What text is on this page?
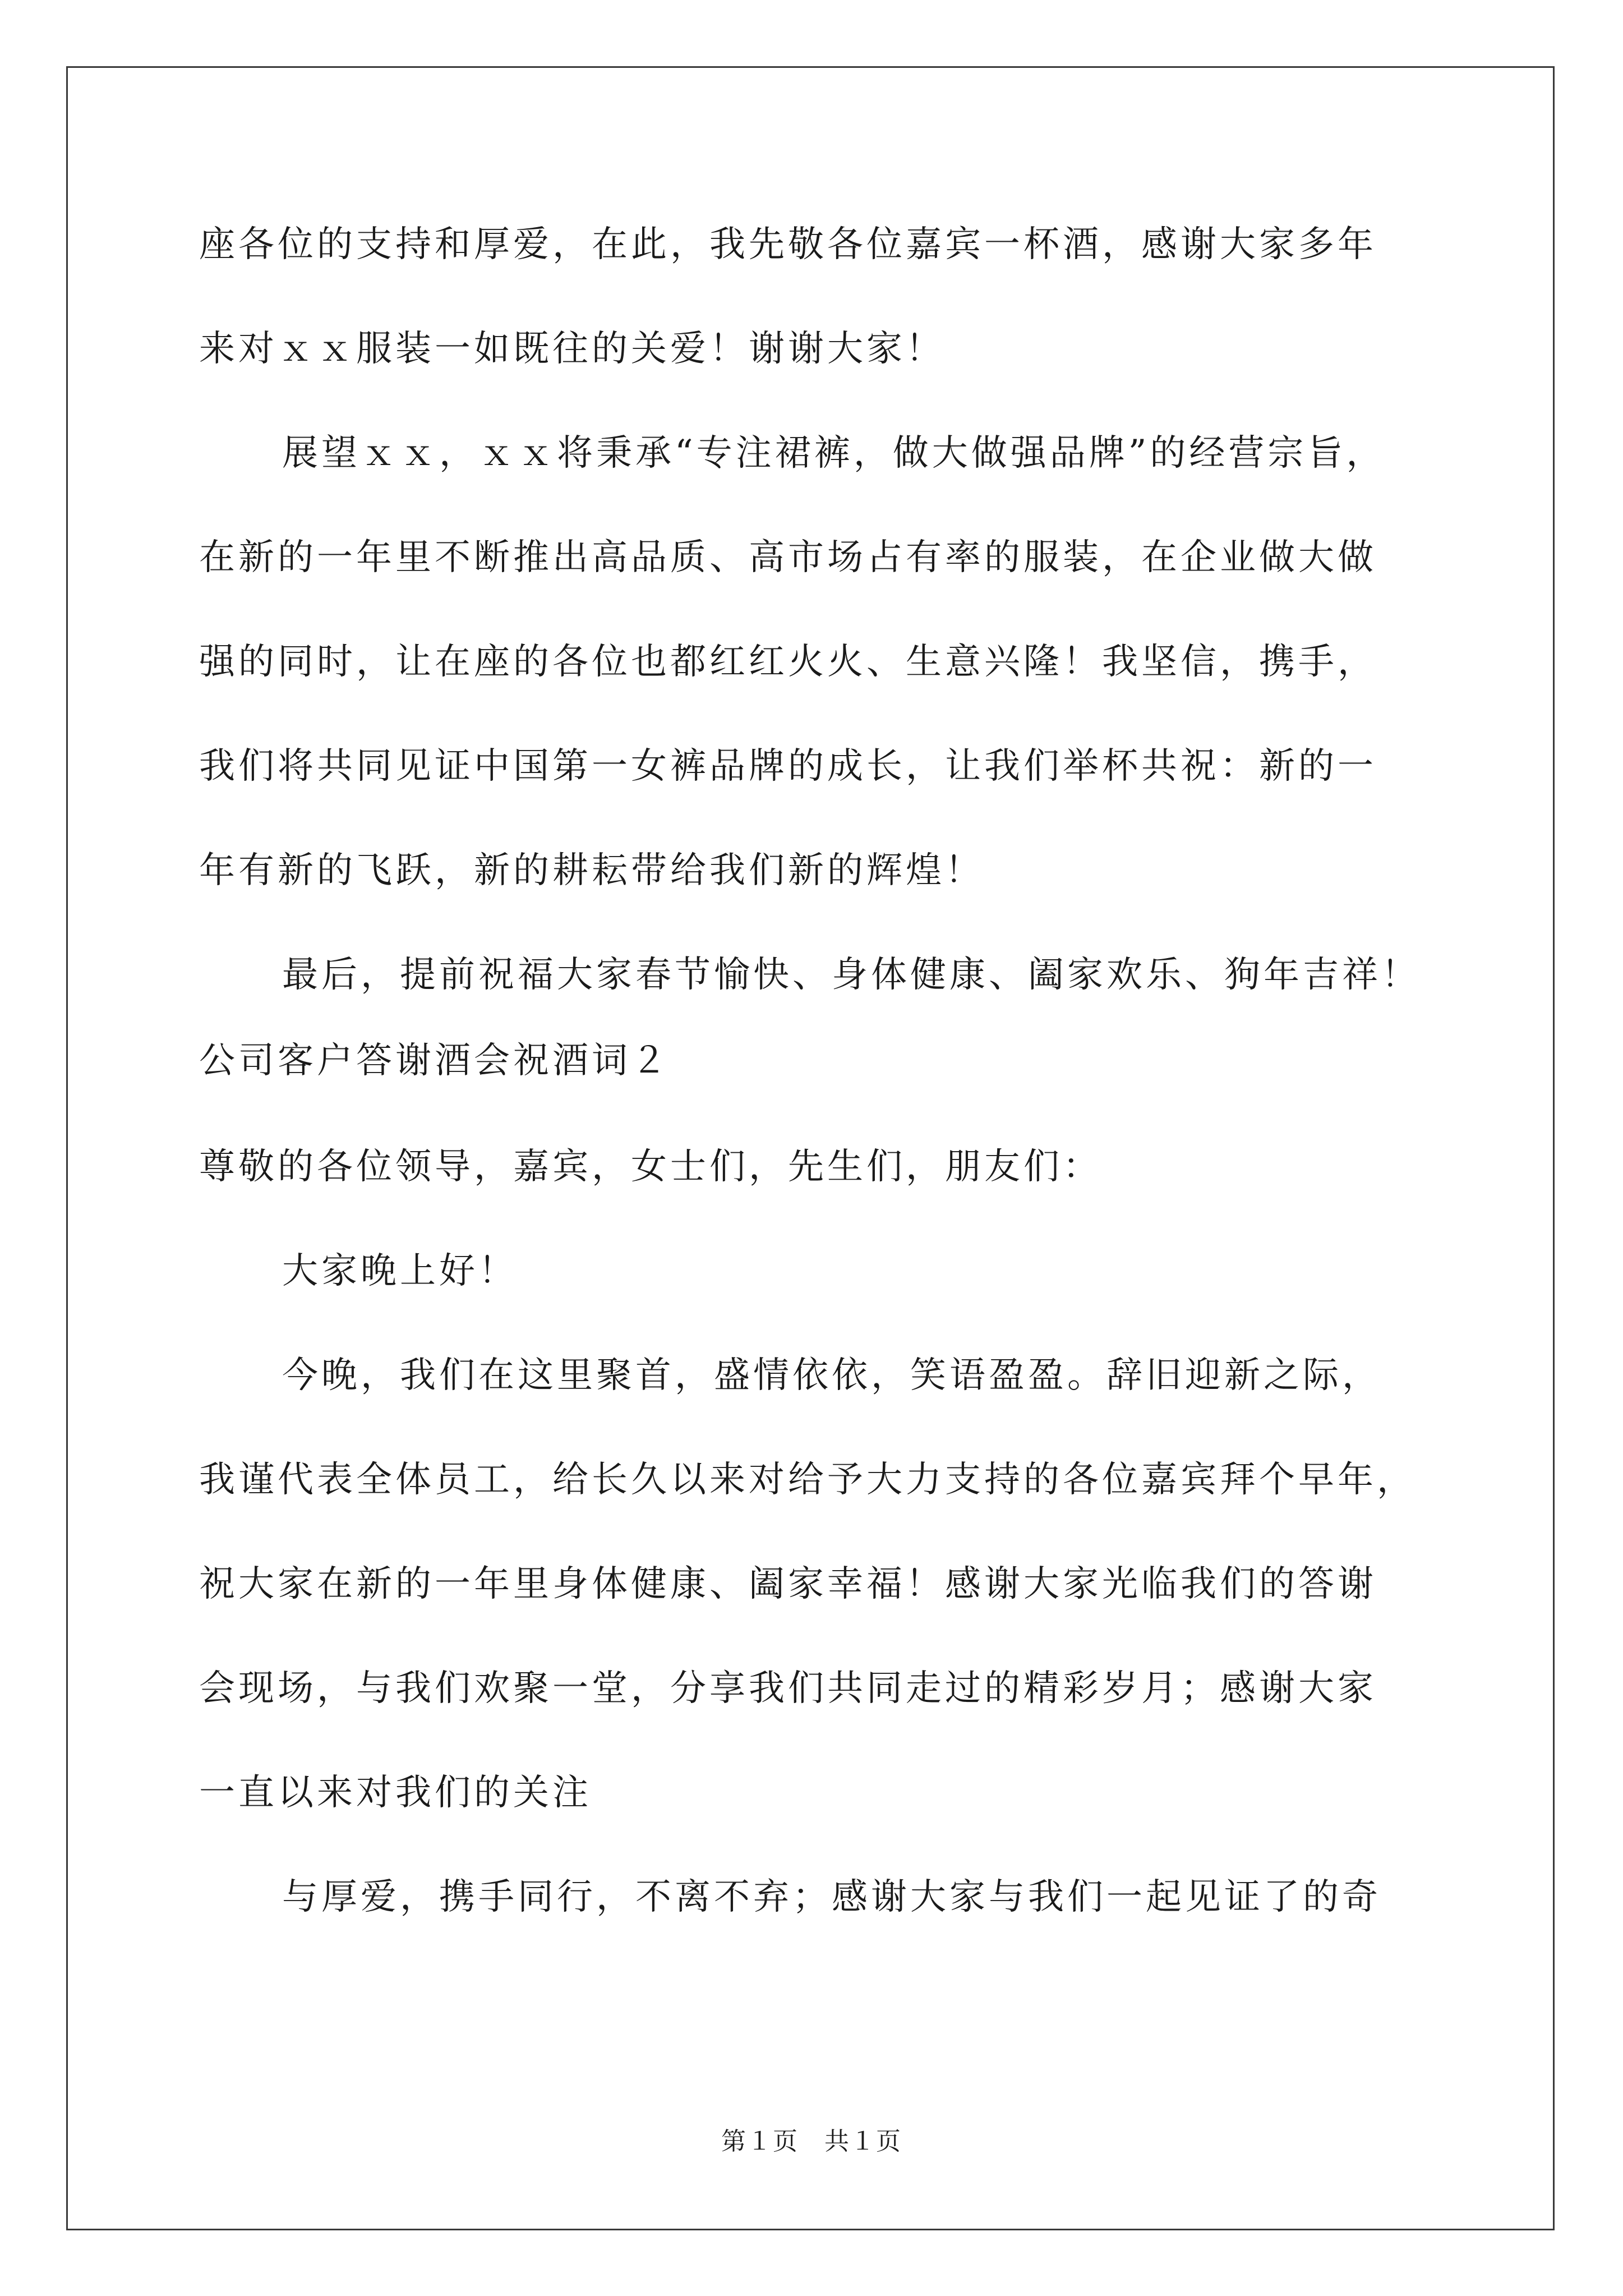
座各位的支持和厚爱，在此，我先敬各位嘉宾一杯酒，感谢大家多年
来对ｘｘ服装一如既往的关爱！谢谢大家！
展望ｘｘ，ｘｘ将秉承“专注裙裤，做大做强品牌”的经营宗旨，
在新的一年里不断推出高品质、高市场占有率的服装，在企业做大做
强的同时，让在座的各位也都红红火火、生意兴隆！我坚信，携手，
我们将共同见证中国第一女裤品牌的成长，让我们举杯共祝：新的一
年有新的飞跃，新的耕耘带给我们新的辉煌！
最后，提前祝福大家春节愉快、身体健康、阖家欢乐、狗年吉祥！
公司客户答谢酒会祝酒词２
尊敬的各位领导，嘉宾，女士们，先生们，朋友们：
大家晚上好！
今晚，我们在这里聚首，盛情依依，笑语盈盈。辞旧迎新之际，
我谨代表全体员工，给长久以来对给予大力支持的各位嘉宾拜个早年，
祝大家在新的一年里身体健康、阖家幸福！感谢大家光临我们的答谢
会现场，与我们欢聚一堂，分享我们共同走过的精彩岁月；感谢大家
一直以来对我们的关注
与厚爱，携手同行，不离不弃；感谢大家与我们一起见证了的奇
第１页　共１页
